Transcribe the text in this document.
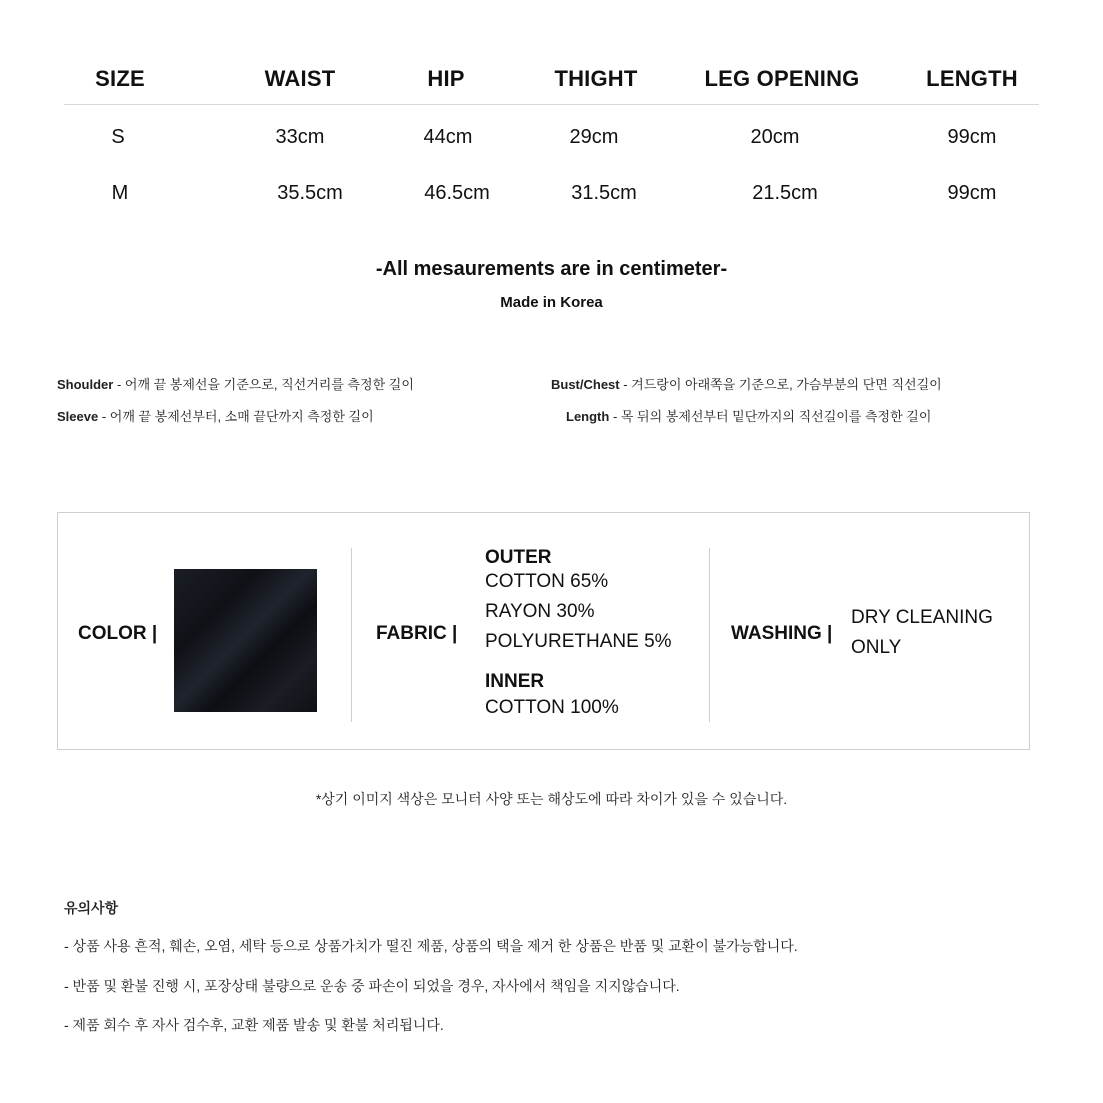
SIZE	WAIST	HIP	THIGHT	LEG OPENING	LENGTH
S	33cm	44cm	29cm	20cm	99cm
M	35.5cm	46.5cm	31.5cm	21.5cm	99cm
-All mesaurements are in centimeter-
Made in Korea
Shoulder - 어깨 끝 봉제선을 기준으로, 직선거리를 측정한 길이	Bust/Chest - 겨드랑이 아래쪽을 기준으로, 가슴부분의 단면 직선길이
Sleeve - 어깨 끝 봉제선부터, 소매 끝단까지 측정한 길이	Length - 목 뒤의 봉제선부터 밑단까지의 직선길이를 측정한 길이
COLOR |	FABRIC |
OUTER
COTTON 65%
RAYON 30%
POLYURETHANE 5%
INNER
COTTON 100%
WASHING |
DRY CLEANING
ONLY
*상기 이미지 색상은 모니터 사양 또는 해상도에 따라 차이가 있을 수 있습니다.
유의사항
- 상품 사용 흔적, 훼손, 오염, 세탁 등으로 상품가치가 떨진 제품, 상품의 택을 제거 한 상품은 반품 및 교환이 불가능합니다.
- 반품 및 환불 진행 시, 포장상태 불량으로 운송 중 파손이 되었을 경우, 자사에서 책임을 지지않습니다.
- 제품 회수 후 자사 검수후, 교환 제품 발송 및 환불 처리됩니다.
